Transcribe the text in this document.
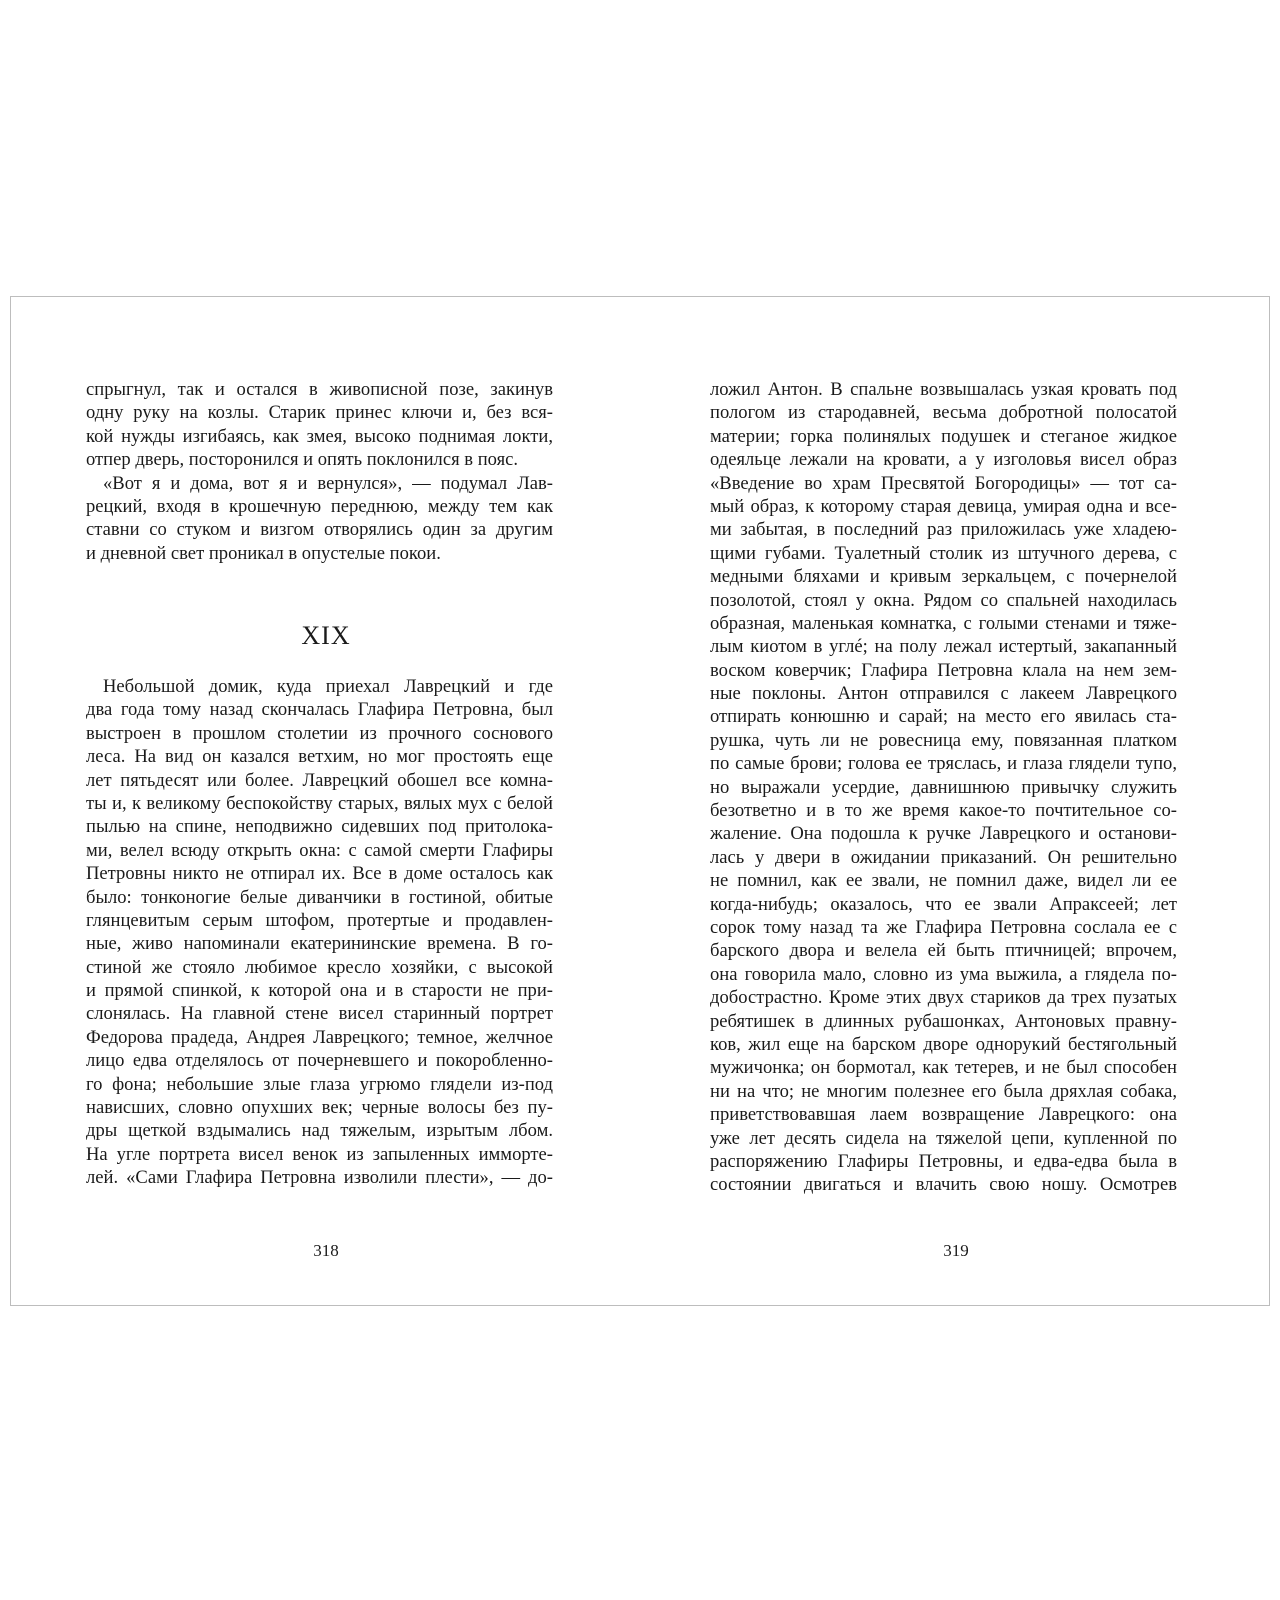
спрыгнул, так и остался в живописной позе, закинув
одну руку на козлы. Старик принес ключи и, без вся-
кой нужды изгибаясь, как змея, высоко поднимая локти,
отпер дверь, посторонился и опять поклонился в пояс.
«Вот я и дома, вот я и вернулся», — подумал Лав-
рецкий, входя в крошечную переднюю, между тем как
ставни со стуком и визгом отворялись один за другим
и дневной свет проникал в опустелые покои.
XIX
Небольшой домик, куда приехал Лаврецкий и где
два года тому назад скончалась Глафира Петровна, был
выстроен в прошлом столетии из прочного соснового
леса. На вид он казался ветхим, но мог простоять еще
лет пятьдесят или более. Лаврецкий обошел все комна-
ты и, к великому беспокойству старых, вялых мух с белой
пылью на спине, неподвижно сидевших под притолока-
ми, велел всюду открыть окна: с самой смерти Глафиры
Петровны никто не отпирал их. Все в доме осталось как
было: тонконогие белые диванчики в гостиной, обитые
глянцевитым серым штофом, протертые и продавлен-
ные, живо напоминали екатерининские времена. В го-
стиной же стояло любимое кресло хозяйки, с высокой
и прямой спинкой, к которой она и в старости не при-
слонялась. На главной стене висел старинный портрет
Федорова прадеда, Андрея Лаврецкого; темное, желчное
лицо едва отделялось от почерневшего и покоробленно-
го фона; небольшие злые глаза угрюмо глядели из-под
нависших, словно опухших век; черные волосы без пу-
дры щеткой вздымались над тяжелым, изрытым лбом.
На угле портрета висел венок из запыленных имморте-
лей. «Сами Глафира Петровна изволили плести», — до-
318
ложил Антон. В спальне возвышалась узкая кровать под
пологом из стародавней, весьма добротной полосатой
материи; горка полинялых подушек и стеганое жидкое
одеяльце лежали на кровати, а у изголовья висел образ
«Введение во храм Пресвятой Богородицы» — тот са-
мый образ, к которому старая девица, умирая одна и все-
ми забытая, в последний раз приложилась уже хладею-
щими губами. Туалетный столик из штучного дерева, с
медными бляхами и кривым зеркальцем, с почернелой
позолотой, стоял у окна. Рядом со спальней находилась
образная, маленькая комнатка, с голыми стенами и тяже-
лым киотом в углé; на полу лежал истертый, закапанный
воском коверчик; Глафира Петровна клала на нем зем-
ные поклоны. Антон отправился с лакеем Лаврецкого
отпирать конюшню и сарай; на место его явилась ста-
рушка, чуть ли не ровесница ему, повязанная платком
по самые брови; голова ее тряслась, и глаза глядели тупо,
но выражали усердие, давнишнюю привычку служить
безответно и в то же время какое-то почтительное со-
жаление. Она подошла к ручке Лаврецкого и останови-
лась у двери в ожидании приказаний. Он решительно
не помнил, как ее звали, не помнил даже, видел ли ее
когда-нибудь; оказалось, что ее звали Апраксеей; лет
сорок тому назад та же Глафира Петровна сослала ее с
барского двора и велела ей быть птичницей; впрочем,
она говорила мало, словно из ума выжила, а глядела по-
добострастно. Кроме этих двух стариков да трех пузатых
ребятишек в длинных рубашонках, Антоновых правну-
ков, жил еще на барском дворе однорукий бестягольный
мужичонка; он бормотал, как тетерев, и не был способен
ни на что; не многим полезнее его была дряхлая собака,
приветствовавшая лаем возвращение Лаврецкого: она
уже лет десять сидела на тяжелой цепи, купленной по
распоряжению Глафиры Петровны, и едва-едва была в
состоянии двигаться и влачить свою ношу. Осмотрев
319
